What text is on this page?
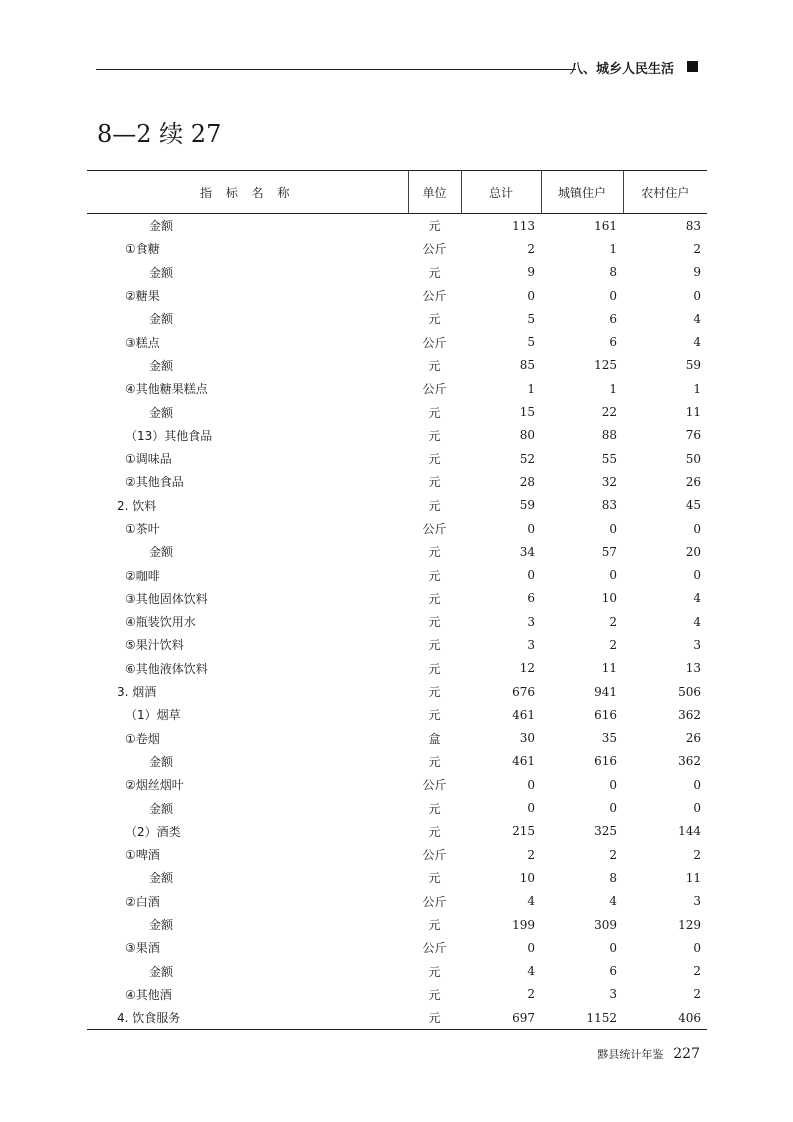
八、城乡人民生活
8—2 续 27
指 标 名 称	单位	总计	城镇住户	农村住户
金额	元	113	161	83
①食糖	公斤	2	1	2
金额	元	9	8	9
②糖果	公斤	0	0	0
金额	元	5	6	4
③糕点	公斤	5	6	4
金额	元	85	125	59
④其他糖果糕点	公斤	1	1	1
金额	元	15	22	11
（13）其他食品	元	80	88	76
①调味品	元	52	55	50
②其他食品	元	28	32	26
2. 饮料	元	59	83	45
①茶叶	公斤	0	0	0
金额	元	34	57	20
②咖啡	元	0	0	0
③其他固体饮料	元	6	10	4
④瓶装饮用水	元	3	2	4
⑤果汁饮料	元	3	2	3
⑥其他液体饮料	元	12	11	13
3. 烟酒	元	676	941	506
（1）烟草	元	461	616	362
①卷烟	盒	30	35	26
金额	元	461	616	362
②烟丝烟叶	公斤	0	0	0
金额	元	0	0	0
（2）酒类	元	215	325	144
①啤酒	公斤	2	2	2
金额	元	10	8	11
②白酒	公斤	4	4	3
金额	元	199	309	129
③果酒	公斤	0	0	0
金额	元	4	6	2
④其他酒	元	2	3	2
4. 饮食服务	元	697	1152	406
黟县统计年鉴 227
